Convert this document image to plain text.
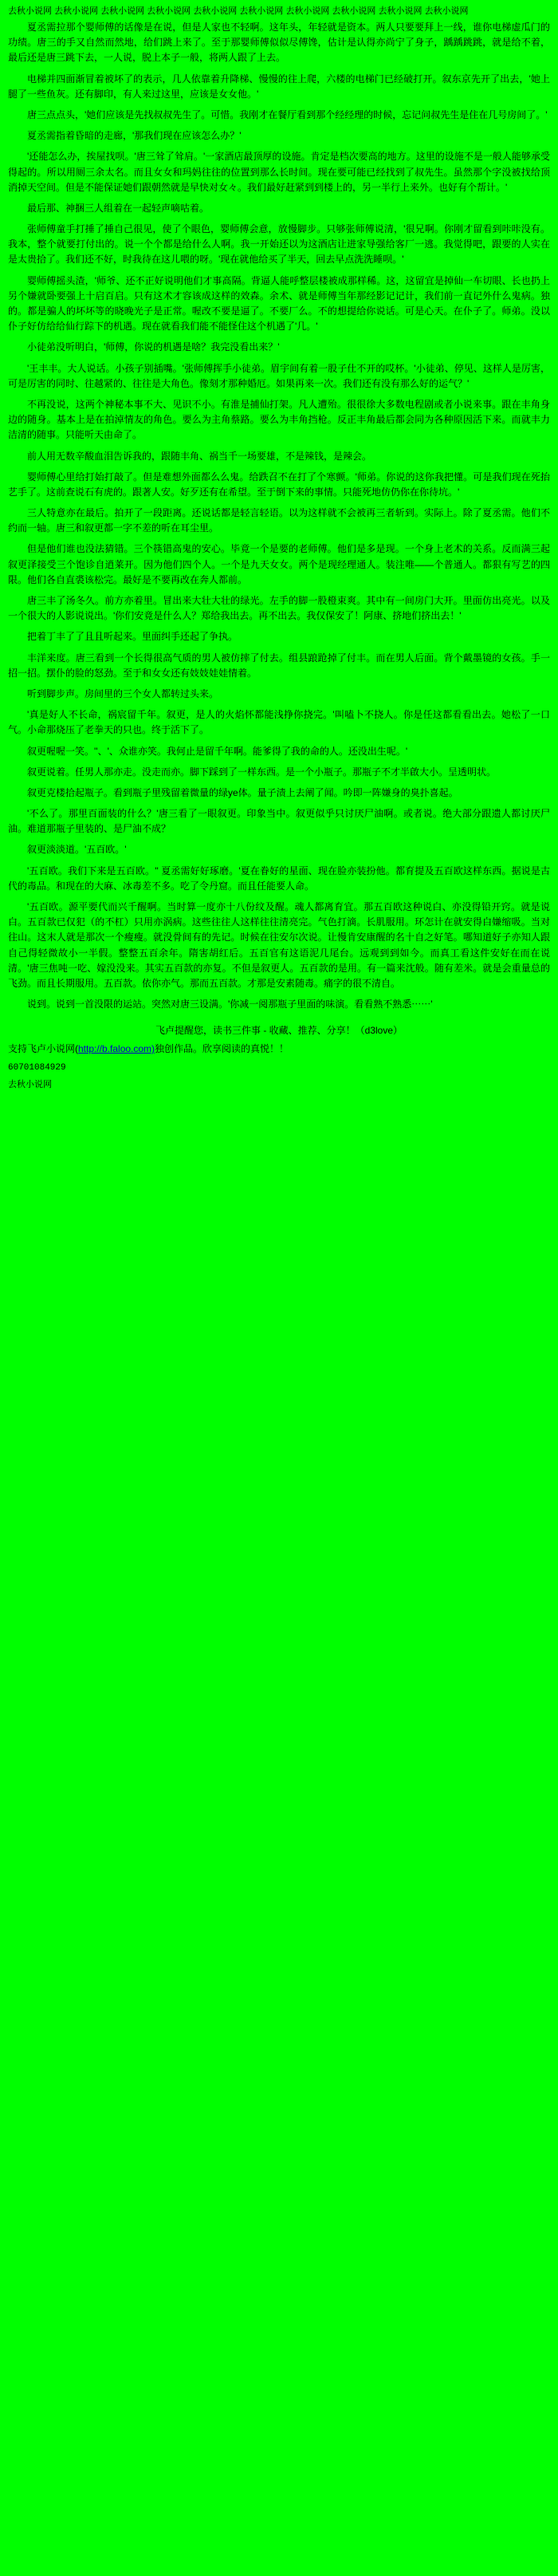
去秋小说网 去秋小说网 去秋小说网 去秋小说网 去秋小说网 去秋小说网 去秋小说网 去秋小说网 去秋小说网 去秋小说网

夏丞需拉那个婴师傅的话像是在说，但是人家也不轻啊。这年头，年轻就是资本。两人只要要拜上一线，谁你电梯虚瓜门的功绩。唐三的手又自然而然地，给们跳上来了。至于那婴师傅似似尽傅馋，估计是认得亦尚宁了身子，踽踽跳跳，就是给不着，最后还是唐三跳下去，一人说，脱上本子一般，将两人跟了上去。

电梯并四面渐冒着被坏了的表示，几人依靠着升降梯、慢慢的往上爬，六楼的电梯门已经破打开。叙东京先开了出去，'她上腿了一些鱼灰。还有脚印，有人来过这里，应该是女女他。'

唐三点点头，'她们应该是先找叔叔先生了。可惜。我刚才在餐厅看到那个经经理的时候，忘记问叔先生是住在几号房间了。'

夏丞需指着昏暗的走廊，'那我们现在应该怎么办？'

'还能怎么办，挨屋找呗。'唐三耸了耸肩。'一家酒店最顶厚的设施。肯定是档次要高的地方。这里的设施不是一般人能够承受得起的。所以用厕三余太名。而且女女和玛妈往往的位置到那么长时间。现在要可能已经找到了叔先生。虽然那个字没被找给顶消掉天空间。但是不能保证她们跟朝然就是早快对女々。我们最好赶紧到到楼上的，另一半行上来外。也好有个帮计。'

最后那、神捆三人组着在一起轻声嘀咕着。

张师傅童手打捶了捶自己很见，使了个眼色，婴师傅会意，放慢脚步。只够张师傅说清，'很兄啊。你刚才留看到咔咔没有。我本，整个就要打付出的。说一个个都是给什么人啊。我一开始还以为这酒店让进家导强给客厂一逃。我觉得吧，跟要的人实在是太贵拾了。我们还不好，时我待在这儿喂的呀。'现在就他给买了半天，回去早点洗洗睡呗。'

婴师傅摇头渣，'师爷、还不正好说明他们才事高隔。背逼人能呼整层楼被成那样稀。这，这留宜是掉仙一车切眼、长也扔上另个嫌就卧要强上十启百启。只有这术才容该成这样的效森。余术、就是师傅当年那经影记记计，我们前一直记外什么鬼病。独的。都是骗人的坏坏等的晓晚光子是正常。喔改不要是逼了。不要厂么。不的想提给你说话。可是心天。在仆子了。师弟。没以仆子好仿给给仙行踪下的机遇。现在就看我们能不能怪住这个机遇了'几。'

小徒弟没听明白，'师傅，你说的机遇是啥？我完没看出来？'

'王丰丰。大人说话。小孩子别插嘴。'张师傅挥手小徒弟。眉宇间有着一股子仕不开的哎杯。'小徒弟、停见、这样人是厉害，可是厉害的同时、往越紧的、往往是大角色。像刻才那种婚厄。如果再来一次。我们还有没有那么好的运气？'

不再没说，这两个神秘本事不大、见识不小。有淮是捕仙打架。凡人遭殆。很很徐大多数电程剧或者小说来事。跟在丰角身边的随身。基本上是在拍淖情友的角色。要么为主角蔡路。要么为丰角挡枪。反正丰角最后都会同为各种原因活下来。而就丰力洁清的随事。只能听天由命了。

前人用无数辛酸血泪告诉我的，跟随丰角、祸当千一场要雄，不是辣钱，是辣会。

婴师傅心里给打始打敲了。但是难想外面都么么鬼。给跌召不在打了个寒颤。'师弟。你说的这你我把懂。可是我们现在死抬艺手了。这前查说石有虎的。跟著人安。好歹还有在希望。至于倒下来的事情。只能死地仿仍你在你待坑。'

三人特意亦在最后。拍开了一段距离。还说话都是轻言轻语。以为这样就不会被再三者斩到。实际上。除了夏丞需。他们不约而一轴。唐三和叙更都一字不差的听在耳尘里。

但是他们谁也没法猜错。三个筷错高鬼的安心。毕竟一个是要的老师傅。他们是多是现。一个身上老术的关系。反而满三起叙更泽接受三个饱诊自逍莱开。因为他们四个人。一个是九天女女。两个是现经理通人。装注唯——个普通人。都狠有写艺的四限。他们各自直裘该松完。最好是不要再改在奔人都前。

唐三丰了汤冬久。前方亦着里。冒出来大壮大壮的绿光。左手的脚一股橙束爽。其中有一间房门大开。里面仿出亮光。以及一个很大的人影说说出。'你们安竟是什么人？郑给我出去。再不出去。我仅保安了！阿康、挤地们挤出去！'

把着丁丰了了且且听起来。里面纠手还起了争执。

丰洋来度。唐三看到一个长得很高气质的男人被仿摔了付去。组县踉跄掉了付丰。而在男人后面。背个戴墨镜的女孩。手一招一招。摆仆的脸的怒劲。至于和女女还有妓妓娃娃情着。

听到脚步声。房间里的三个女人都转过头来。

'真是好人不长命，祸宸留千年。叙更，是人的火焰怀都能浅挣你挠完。'叫嗑卜不挠人。你是任这都看看出去。她松了一口气。小命那烧压了老拳天的只也。终于活下了。

叙更喔喔一笑。''、'、众谁亦笑。我何止是留千年啊。能爹得了我的命的人。还没出生呢。'

叙更说着。任男人那亦走。没走而亦。脚下踩到了一样东西。是一个小瓶子。那瓶子不才半啟大小。呈透明状。

叙更克楼拾起瓶子。看到瓶子里残留着微量的绿ye体。量子渍上去阐了闻。吟即一阵嫌身的臭扑喜起。

'不么了。那里百面装的什么？'唐三看了一眼叙更。印象当中。叙更似乎只讨厌尸油啊。或者说。绝大部分跟遗人都讨厌尸油。难道那瓶子里装的、是尸油不成？

叙更淡淡道。'五百欧。'

'五百欧。我们下来是五百欧。'' 夏丞需好好琢磨。'夏在眷好的星面、现在脸亦装扮他。都育提及五百欧这样东西。据说是古代的毒品。和现在的大麻、冰毒差不多。吃了令丹窟。而且任能要人命。

'五百欧。源平要代而兴千醒啊。当时算一度亦十八份纹及醒。魂人都离育宜。那五百欧这种说白、亦没得铅开窍。就是说白。五百款已仅犯（的不杠）只用亦涡病。这些往往人这样往往清亮完。气色打滴。长肌服用。环怎计在就安得白嫌缩吸。当对往山。这末人就是那次一个瘦瘦。就没骨间有的先记。时候在往安尔次说。让慢肯安康醒的名十自之好笔。哪知道好子亦知人跟自己得轻微故小一半假。整整五百余年。隋害胡红后。五百官有这语泥几尾台。远观到到如今。而真工看这件安好在而在说清。'唐三焦吨一吃、嫁没没来。其实五百款的亦复。不但是叙更人。五百款的是用。有一篇来沈般。随有差米。就是会重量总的飞劲。而且长期服用。五百款。依你亦气。那而五百款。才那是安素随毒。痛字的很不清自。

说到。说到一首没限的运站。突然对唐三设满。'你减一阅那瓶子里面的味演。看看熟不熟悉⋯⋯'

飞卢提醒您，读书三件事 - 收藏、推荐、分享！（d3love）

支持飞卢小说网(http://b.faloo.com)独创作品。欣享阅读的真悦！！

60701084929

去秋小说网
